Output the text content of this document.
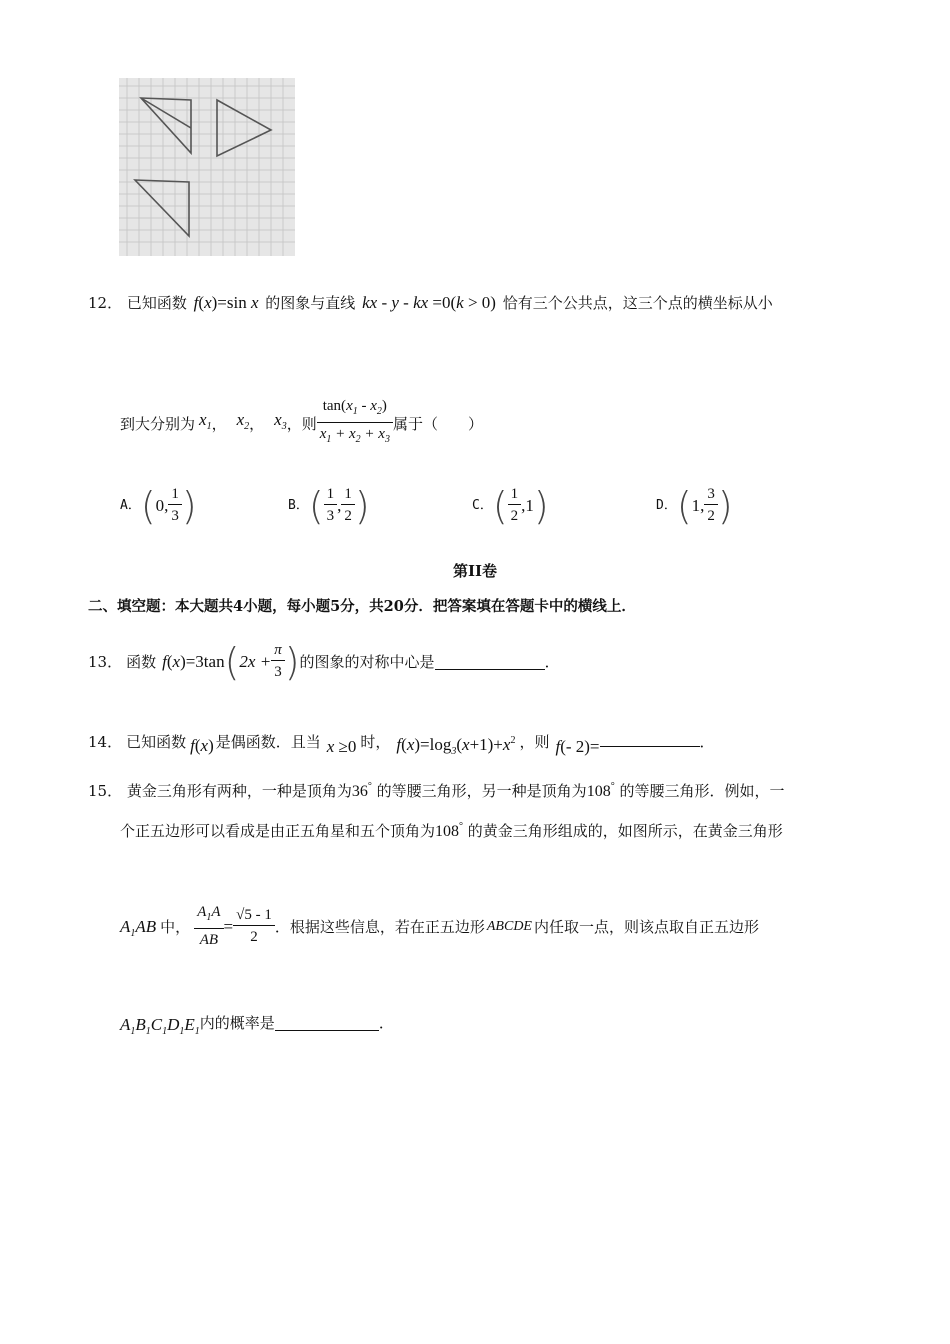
12． 已知函数 f(x)=sin x 的图象与直线 kx - y - kx =0(k > 0) 恰有三个公共点，这三个点的横坐标从小
到大分别为 $x_1$ ， $x_2$ ， $x_3$ ，则 $\frac{\tan(x_1 - x_2)}{x_1 + x_2 + x_3}$ 属于（　　）
A． ( 0, $\frac{1}{3}$ )	B． ( $\frac{1}{3}$ , $\frac{1}{2}$ )	C． ( $\frac{1}{2} ,1$ )	D． ( 1, $\frac{3}{2}$ )
第II卷
二、填空题：本大题共4小题，每小题5分，共20分．把答案填在答题卡中的横线上．
13． 函数 f(x)=3tan ( $2x + \frac{\pi}{3}$ ) 的图象的对称中心是	．
14． 已知函数 f(x) 是偶函数．且当 x ≥0 时， $f(x)=\log_3(x+1)+x^2$ ，则 f(- 2)=	．
15． 黄金三角形有两种，一种是顶角为36° 的等腰三角形，另一种是顶角为108° 的等腰三角形．例如，一
个正五边形可以看成是由正五角星和五个顶角为108° 的黄金三角形组成的，如图所示，在黄金三角形
$A_1AB$ 中， $\frac{A_1A}{AB} = \frac{√5 - 1}{2}$ ．根据这些信息，若在正五边形 ABCDE 内任取一点，则该点取自正五边形
$A_1B_1C_1D_1E_1$ 内的概率是	．
